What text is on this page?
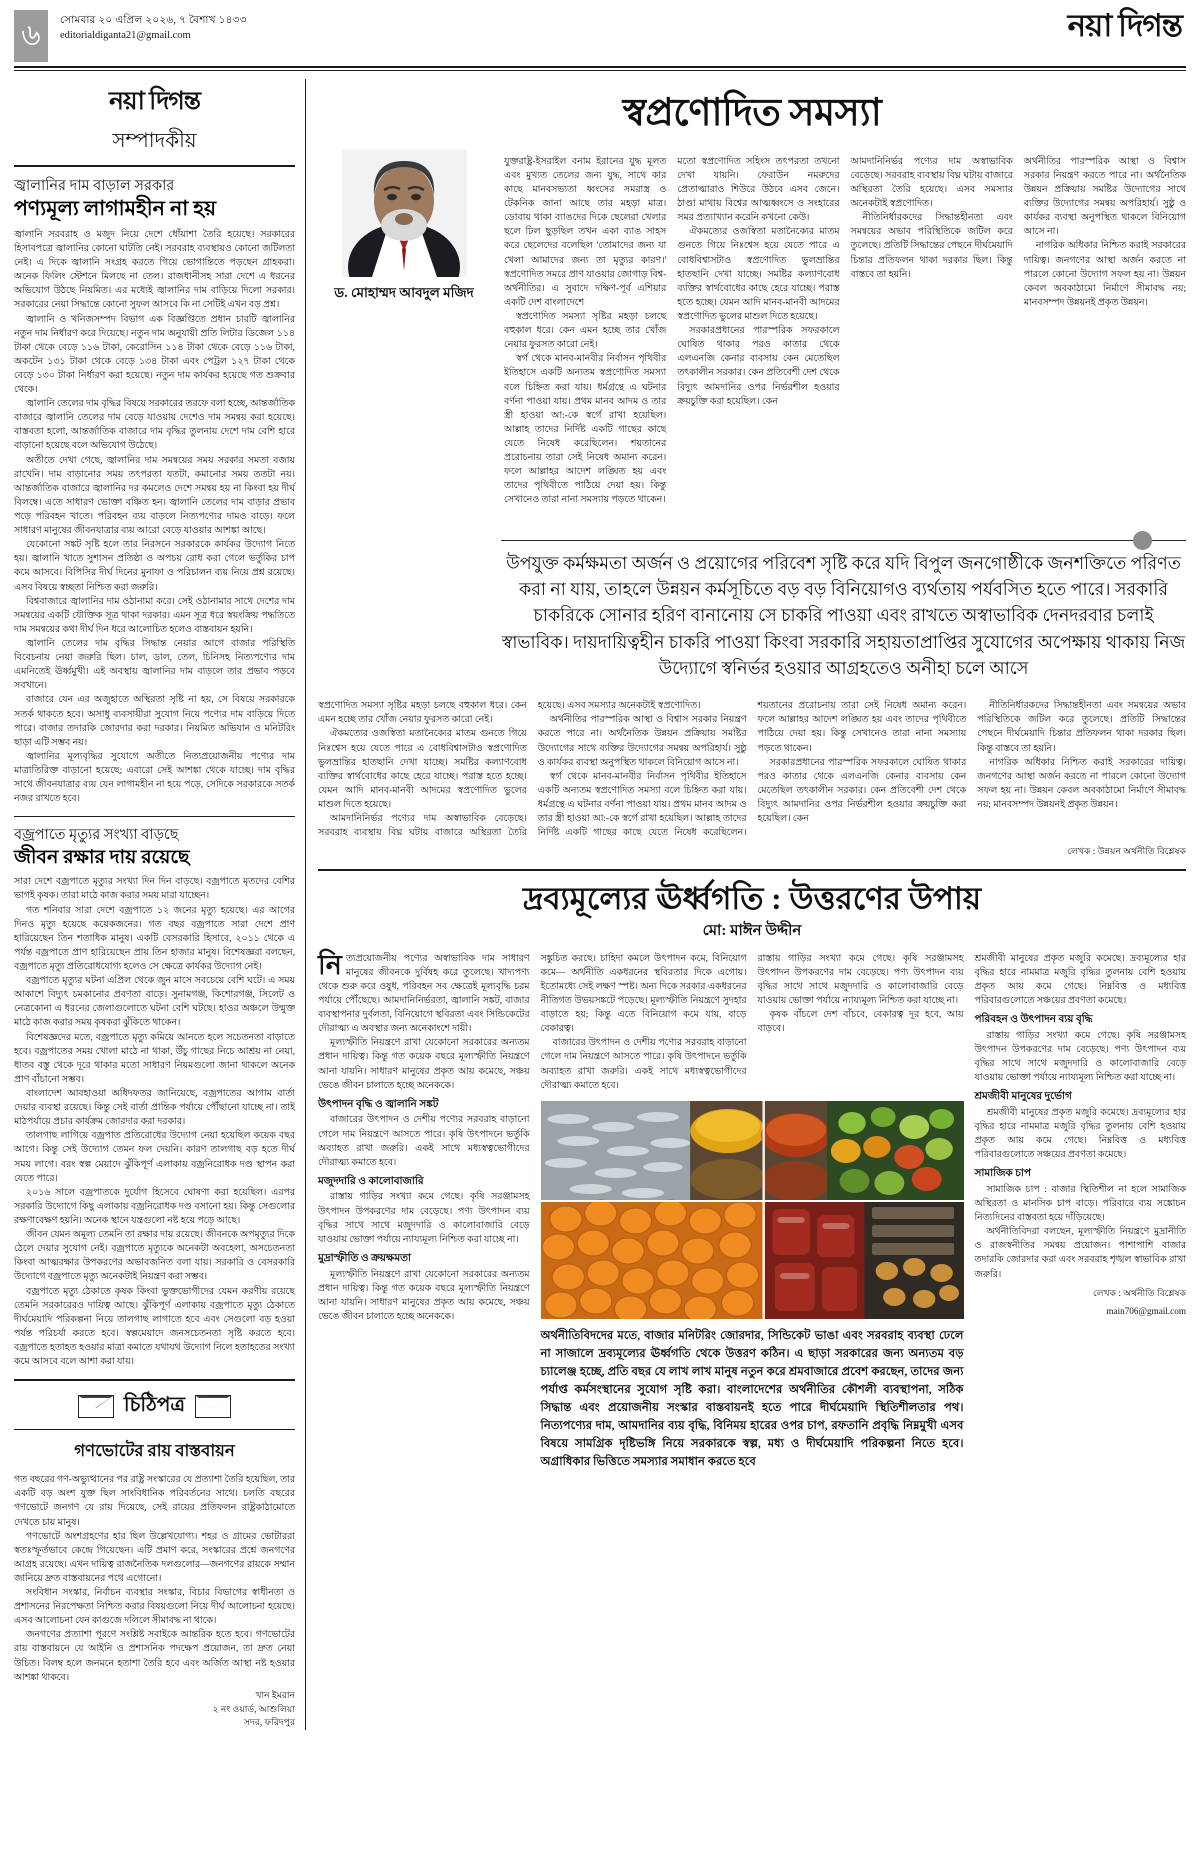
৬ সোমবার ২০ এপ্রিল ২০২৬, ৭ বৈশাখ ১৪৩৩
editorialdiganta21@gmail.com	নয়া দিগন্ত
নয়া দিগন্ত
সম্পাদকীয়
জ্বালানির দাম বাড়াল সরকার
পণ্যমূল্য লাগামহীন না হয়

জ্বালানি সরবরাহ ও মজুদ নিয়ে দেশে ধোঁয়াশা তৈরি হয়েছে। সরকারের হিসাবপত্রে জ্বালানির কোনো ঘাটতি নেই। সরবরাহ ব্যবস্থায়ও কোনো জটিলতা নেই। এ দিকে জ্বালানি সংগ্রহ করতে গিয়ে ভোগান্তিতে পড়ছেন গ্রাহকরা। অনেক ফিলিং স্টেশনে মিলছে না তেল। রাজধানীসহ সারা দেশে এ ধরনের অভিযোগ উঠছে নিয়মিত। এর মধ্যেই জ্বালানির দাম বাড়িয়ে দিলো সরকার। সরকারের নেয়া সিদ্ধান্তে কোনো সুফল আসবে কি না সেটিই এখন বড় প্রশ্ন।

জ্বালানি ও খনিজসম্পদ বিভাগ এক বিজ্ঞপ্তিতে প্রধান চারটি জ্বালানির নতুন দাম নির্ধারণ করে দিয়েছে। নতুন দাম অনুযায়ী প্রতি লিটার ডিজেল ১১৪ টাকা থেকে বেড়ে ১১৬ টাকা, কেরোসিন ১১৪ টাকা থেকে বেড়ে ১১৬ টাকা, অকটেন ১৩১ টাকা থেকে বেড়ে ১৩৪ টাকা এবং পেট্রল ১২৭ টাকা থেকে বেড়ে ১৩০ টাকা নির্ধারণ করা হয়েছে। নতুন দাম কার্যকর হয়েছে গত শুক্রবার থেকে।

জ্বালানি তেলের দাম বৃদ্ধির বিষয়ে সরকারের তরফে বলা হচ্ছে, আন্তর্জাতিক বাজারে জ্বালানি তেলের দাম বেড়ে যাওয়ায় দেশেও দাম সমন্বয় করা হয়েছে। বাস্তবতা হলো, আন্তর্জাতিক বাজারে দাম বৃদ্ধির তুলনায় দেশে দাম বেশি হারে বাড়ানো হয়েছে বলে অভিযোগ উঠেছে।

অতীতে দেখা গেছে, জ্বালানির দাম সমন্বয়ের সময় সরকার সমতা বজায় রাখেনি। দাম বাড়ানোর সময় তৎপরতা যতটা, কমানোর সময় ততটা নয়। আন্তর্জাতিক বাজারে জ্বালানির দর কমলেও দেশে সমন্বয় হয় না কিংবা হয় দীর্ঘ বিলম্বে। এতে সাধারণ ভোক্তা বঞ্চিত হন। জ্বালানি তেলের দাম বাড়ার প্রভাব পড়ে পরিবহন খাতে। পরিবহন ব্যয় বাড়লে নিত্যপণ্যের দামও বাড়ে। ফলে সাধারণ মানুষের জীবনযাত্রার ব্যয় আরো বেড়ে যাওয়ার আশঙ্কা আছে।

যেকোনো সঙ্কট সৃষ্টি হলে তার নিরসনে সরকারকে কার্যকর উদ্যোগ নিতে হয়। জ্বালানি খাতে সুশাসন প্রতিষ্ঠা ও অপচয় রোধ করা গেলে ভর্তুকির চাপ কমে আসবে। বিপিসির দীর্ঘ দিনের মুনাফা ও পরিচালন ব্যয় নিয়ে প্রশ্ন রয়েছে। এসব বিষয়ে স্বচ্ছতা নিশ্চিত করা জরুরি।

বিশ্ববাজারে জ্বালানির দাম ওঠানামা করে। সেই ওঠানামার সাথে দেশের দাম সমন্বয়ের একটি যৌক্তিক সূত্র থাকা দরকার। এমন সূত্র ধরে স্বয়ংক্রিয় পদ্ধতিতে দাম সমন্বয়ের কথা দীর্ঘ দিন ধরে আলোচিত হলেও বাস্তবায়ন হয়নি।

জ্বালানি তেলের দাম বৃদ্ধির সিদ্ধান্ত নেয়ার আগে বাজার পরিস্থিতি বিবেচনায় নেয়া জরুরি ছিল। চাল, ডাল, তেল, চিনিসহ নিত্যপণ্যের দাম এমনিতেই ঊর্ধ্বমুখী। এই অবস্থায় জ্বালানির দাম বাড়লে তার প্রভাব পড়বে সবখানে।

বাজারে যেন এর অজুহাতে অস্থিরতা সৃষ্টি না হয়, সে বিষয়ে সরকারকে সতর্ক থাকতে হবে। অসাধু ব্যবসায়ীরা সুযোগ নিয়ে পণ্যের দাম বাড়িয়ে দিতে পারে। বাজার তদারকি জোরদার করা দরকার। নিয়মিত অভিযান ও মনিটরিং ছাড়া এটি সম্ভব নয়।

জ্বালানির মূল্যবৃদ্ধির সুযোগে অতীতে নিত্যপ্রয়োজনীয় পণ্যের দাম মাত্রাতিরিক্ত বাড়ানো হয়েছে; এবারো সেই আশঙ্কা থেকে যাচ্ছে। দাম বৃদ্ধির সাথে জীবনযাত্রার ব্যয় যেন লাগামহীন না হয়ে পড়ে, সেদিকে সরকারকে সতর্ক নজর রাখতে হবে।

বজ্রপাতে মৃত্যুর সংখ্যা বাড়ছে
জীবন রক্ষার দায় রয়েছে

সারা দেশে বজ্রপাতে মৃত্যুর সংখ্যা দিন দিন বাড়ছে। বজ্রপাতে মৃতদের বেশির ভাগই কৃষক। তারা মাঠে কাজ করার সময় মারা যাচ্ছেন।

গত শনিবার সারা দেশে বজ্রপাতে ১২ জনের মৃত্যু হয়েছে। এর আগের দিনও মৃত্যু হয়েছে কয়েকজনের। গত বছর বজ্রপাতে সারা দেশে প্রাণ হারিয়েছেন তিন শতাধিক মানুষ। একটি বেসরকারি হিসাবে, ২০১১ থেকে এ পর্যন্ত বজ্রপাতে প্রাণ হারিয়েছেন প্রায় তিন হাজার মানুষ। বিশেষজ্ঞরা বলছেন, বজ্রপাতে মৃত্যু প্রতিরোধযোগ্য হলেও সে ক্ষেত্রে কার্যকর উদ্যোগ নেই।

বজ্রপাতে মৃত্যুর ঘটনা এপ্রিল থেকে জুন মাসে সবচেয়ে বেশি ঘটে। এ সময় আকাশে বিদ্যুৎ চমকানোর প্রবণতা বাড়ে। সুনামগঞ্জ, কিশোরগঞ্জ, সিলেট ও নেত্রকোনা এ ধরনের জেলাগুলোতে ঘটনা বেশি ঘটছে। হাওর অঞ্চলে উন্মুক্ত মাঠে কাজ করার সময় কৃষকরা ঝুঁকিতে থাকেন।

বিশেষজ্ঞদের মতে, বজ্রপাতে মৃত্যু কমিয়ে আনতে হলে সচেতনতা বাড়াতে হবে। বজ্রপাতের সময় খোলা মাঠে না থাকা, উঁচু গাছের নিচে আশ্রয় না নেয়া, ধাতব বস্তু থেকে দূরে থাকার মতো সাধারণ নিয়মগুলো জানা থাকলে অনেক প্রাণ বাঁচানো সম্ভব।

বাংলাদেশ আবহাওয়া অধিদফতর জানিয়েছে, বজ্রপাতের আগাম বার্তা দেয়ার ব্যবস্থা রয়েছে। কিন্তু সেই বার্তা প্রান্তিক পর্যায়ে পৌঁছানো যাচ্ছে না। তাই মাঠপর্যায়ে প্রচার কার্যক্রম জোরদার করা দরকার।

তালগাছ লাগিয়ে বজ্রপাত প্রতিরোধের উদ্যোগ নেয়া হয়েছিল কয়েক বছর আগে। কিন্তু সেই উদ্যোগ তেমন ফল দেয়নি। কারণ তালগাছ বড় হতে দীর্ঘ সময় লাগে। বরং স্বল্প মেয়াদে ঝুঁকিপূর্ণ এলাকায় বজ্রনিরোধক দণ্ড স্থাপন করা যেতে পারে।

২০১৬ সালে বজ্রপাতকে দুর্যোগ হিসেবে ঘোষণা করা হয়েছিল। এরপর সরকারি উদ্যোগে কিছু এলাকায় বজ্রনিরোধক দণ্ড বসানো হয়। কিন্তু সেগুলোর রক্ষণাবেক্ষণ হয়নি। অনেক স্থানে যন্ত্রগুলো নষ্ট হয়ে পড়ে আছে।

জীবন যেমন অমূল্য তেমনি তা রক্ষার দায় রয়েছে। জীবনকে অপমৃত্যুর দিকে ঠেলে দেয়ার সুযোগ নেই। বজ্রপাতে মৃত্যুকে অনেকটা অবহেলা, অসচেতনতা কিংবা আত্মরক্ষার উপকরণের অভাবজনিত বলা যায়। সরকারি ও বেসরকারি উদ্যোগে বজ্রপাতে মৃত্যু অনেকটাই নিয়ন্ত্রণ করা সম্ভব।

বজ্রপাতে মৃত্যু ঠেকাতে কৃষক কিংবা ভুক্তভোগীদের যেমন করণীয় রয়েছে তেমনি সরকারেরও দায়িত্ব আছে। ঝুঁকিপূর্ণ এলাকায় বজ্রপাতে মৃত্যু ঠেকাতে দীর্ঘমেয়াদি পরিকল্পনা নিয়ে তালগাছ লাগাতে হবে এবং সেগুলো বড় হওয়া পর্যন্ত পরিচর্যা করতে হবে। স্বল্পমেয়াদে জনসচেতনতা সৃষ্টি করতে হবে। বজ্রপাতে হতাহত হওয়ার মাত্রা কমাতে যথাযথ উদ্যোগ নিলে হতাহতের সংখ্যা কমে আসবে বলে আশা করা যায়।

চিঠিপত্র
গণভোটের রায় বাস্তবায়ন

গত বছরের গণ-অভ্যুত্থানের পর রাষ্ট্র সংস্কারের যে প্রত্যাশা তৈরি হয়েছিল, তার একটি বড় অংশ যুক্ত ছিল সাংবিধানিক পরিবর্তনের সাথে। চলতি বছরের গণভোটে জনগণ যে রায় দিয়েছে, সেই রায়ের প্রতিফলন রাষ্ট্রকাঠামোতে দেখতে চায় মানুষ।

গণভোটে অংশগ্রহণের হার ছিল উল্লেখযোগ্য। শহর ও গ্রামের ভোটাররা স্বতঃস্ফূর্তভাবে কেন্দ্রে গিয়েছেন। এটি প্রমাণ করে, সংস্কারের প্রশ্নে জনগণের আগ্রহ রয়েছে। এখন দায়িত্ব রাজনৈতিক দলগুলোর—জনগণের রায়কে সম্মান জানিয়ে দ্রুত বাস্তবায়নের পথে এগোনো।

সংবিধান সংস্কার, নির্বাচন ব্যবস্থার সংস্কার, বিচার বিভাগের স্বাধীনতা ও প্রশাসনের নিরপেক্ষতা নিশ্চিত করার বিষয়গুলো নিয়ে দীর্ঘ আলোচনা হয়েছে। এসব আলোচনা যেন কাগুজে দলিলে সীমাবদ্ধ না থাকে।

জনগণের প্রত্যাশা পূরণে সংশ্লিষ্ট সবাইকে আন্তরিক হতে হবে। গণভোটের রায় বাস্তবায়নে যে আইনি ও প্রশাসনিক পদক্ষেপ প্রয়োজন, তা দ্রুত নেয়া উচিত। বিলম্ব হলে জনমনে হতাশা তৈরি হবে এবং অর্জিত আস্থা নষ্ট হওয়ার আশঙ্কা থাকবে।

খান ইমরান
২ নং ওয়ার্ড, আশুলিয়া
সদর, ফরিদপুর
স্বপ্রণোদিত সমস্যা
ড. মোহাম্মদ আবদুল মজিদ

যুক্তরাষ্ট্র-ইসরাইল বনাম ইরানের যুদ্ধ মূলত এবং মুখ্যত তেলের জন্য যুদ্ধ, সাথে কার কাছে মানবসভ্যতা ধ্বংসের সমরাস্ত্র ও টেকনিক জানা আছে তার মহড়া মাত্র। ডোবায় থাকা ব্যাঙদের দিকে ছেলেরা খেলার ছলে ঢিল ছুড়ছিল তখন একা ব্যাঙ সাহস করে ছেলেদের বলেছিল 'তোমাদের জন্য যা খেলা আমাদের জন্য তা মৃত্যুর কারণ।' স্বপ্রণোদিত সমরে প্রাণ যাওয়ার জোগাড় বিশ্ব-অর্থনীতির। এ সুবাদে দক্ষিণ-পূর্ব এশিয়ার একটি দেশ বাংলাদেশে

স্বপ্রণোদিত সমস্যা সৃষ্টির মহড়া চলছে বহুকাল ধরে। কেন এমন হচ্ছে তার খোঁজ নেয়ার ফুরসত কারো নেই।

স্বর্গ থেকে মানব-মানবীর নির্বাসন পৃথিবীর ইতিহাসে একটি অন্যতম স্বপ্রণোদিত সমস্যা বলে চিহ্নিত করা যায়। ধর্মগ্রন্থে এ ঘটনার বর্ণনা পাওয়া যায়। প্রথম মানব আদম ও তার স্ত্রী হাওয়া আ:-কে স্বর্গে রাখা হয়েছিল। আল্লাহ তাদের নির্দিষ্ট একটি গাছের কাছে যেতে নিষেধ করেছিলেন। শয়তানের প্ররোচনায় তারা সেই নিষেধ অমান্য করেন। ফলে আল্লাহর আদেশ লঙ্ঘিত হয় এবং তাদের পৃথিবীতে পাঠিয়ে দেয়া হয়। কিন্তু সেখানেও তারা নানা সমস্যায় পড়তে থাকেন।

মতো স্বপ্রণোদিত সহিংস তৎপরতা তখনো দেখা যায়নি। ফেরাউন নমরুদের প্রেতাত্মারাও শিউরে উঠবে এসব জেনে। ঠাণ্ডা মাথায় বিশ্বের আত্মধ্বংসে ও সংহারের সমর প্রত্যাখ্যান করেনি কখনো কেউ।

ঐকমত্যের ওজস্বিতা মতানৈক্যের মাতম গুনতে গিয়ে নিঃশ্বেস হয়ে যেতে পারে এ বোধবিশ্বাসটাও স্বপ্রণোদিত ভুলভ্রান্তির হাতছানি দেখা যাচ্ছে। সমষ্টির কল্যাণবোধ ব্যক্তির স্বার্থবোধের কাছে হেরে যাচ্ছে। পরাস্ত হতে হচ্ছে। যেমন আদি মানব-মানবী আদমের স্বপ্রণোদিত ভুলের মাশুল দিতে হয়েছে।

সরকারপ্রধানের পারস্পরিক সফরকালে ঘোষিত থাকার পরও কাতার থেকে এলএনজি কেনার ব্যবসায় কেন মেতেছিল তৎকালীন সরকার। কেন প্রতিবেশী দেশ থেকে বিদ্যুৎ আমদানির ওপর নির্ভরশীল হওয়ার ক্রয়চুক্তি করা হয়েছিল। কেন

আমদানিনির্ভর পণ্যের দাম অস্বাভাবিক বেড়েছে। সরবরাহ ব্যবস্থায় বিঘ্ন ঘটায় বাজারে অস্থিরতা তৈরি হয়েছে। এসব সমস্যার অনেকটাই স্বপ্রণোদিত।

নীতিনির্ধারকদের সিদ্ধান্তহীনতা এবং সমন্বয়ের অভাব পরিস্থিতিকে জটিল করে তুলেছে। প্রতিটি সিদ্ধান্তের পেছনে দীর্ঘমেয়াদি চিন্তার প্রতিফলন থাকা দরকার ছিল। কিন্তু বাস্তবে তা হয়নি।

অর্থনীতির পারস্পরিক আস্থা ও বিশ্বাস সরকার নিয়ন্ত্রণ করতে পারে না। অর্থনৈতিক উন্নয়ন প্রক্রিয়ায় সমষ্টির উদ্যোগের সাথে ব্যক্তির উদ্যোগের সমন্বয় অপরিহার্য। সুষ্ঠু ও কার্যকর ব্যবস্থা অনুপস্থিত থাকলে বিনিয়োগ আসে না।

নাগরিক অধিকার নিশ্চিত করাই সরকারের দায়িত্ব। জনগণের আস্থা অর্জন করতে না পারলে কোনো উদ্যোগ সফল হয় না। উন্নয়ন কেবল অবকাঠামো নির্মাণে সীমাবদ্ধ নয়; মানবসম্পদ উন্নয়নই প্রকৃত উন্নয়ন।

উপযুক্ত কর্মক্ষমতা অর্জন ও প্রয়োগের পরিবেশ সৃষ্টি করে যদি বিপুল জনগোষ্ঠীকে জনশক্তিতে পরিণত করা না যায়, তাহলে উন্নয়ন কর্মসূচিতে বড় বড় বিনিয়োগও ব্যর্থতায় পর্যবসিত হতে পারে। সরকারি চাকরিকে সোনার হরিণ বানানোয় সে চাকরি পাওয়া এবং রাখতে অস্বাভাবিক দেনদরবার চলাই স্বাভাবিক। দায়দায়িত্বহীন চাকরি পাওয়া কিংবা সরকারি সহায়তাপ্রাপ্তির সুযোগের অপেক্ষায় থাকায় নিজ উদ্যোগে স্বনির্ভর হওয়ার আগ্রহতেও অনীহা চলে আসে

স্বপ্রণোদিত সমস্যা সৃষ্টির মহড়া চলছে বহুকাল ধরে। কেন এমন হচ্ছে তার খোঁজ নেয়ার ফুরসত কারো নেই।

ঐকমত্যের ওজস্বিতা মতানৈক্যের মাতম গুনতে গিয়ে নিঃশ্বেস হয়ে যেতে পারে এ বোধবিশ্বাসটাও স্বপ্রণোদিত ভুলভ্রান্তির হাতছানি দেখা যাচ্ছে। সমষ্টির কল্যাণবোধ ব্যক্তির স্বার্থবোধের কাছে হেরে যাচ্ছে। পরাস্ত হতে হচ্ছে। যেমন আদি মানব-মানবী আদমের স্বপ্রণোদিত ভুলের মাশুল দিতে হয়েছে।

আমদানিনির্ভর পণ্যের দাম অস্বাভাবিক বেড়েছে। সরবরাহ ব্যবস্থায় বিঘ্ন ঘটায় বাজারে অস্থিরতা তৈরি হয়েছে। এসব সমস্যার অনেকটাই স্বপ্রণোদিত।

অর্থনীতির পারস্পরিক আস্থা ও বিশ্বাস সরকার নিয়ন্ত্রণ করতে পারে না। অর্থনৈতিক উন্নয়ন প্রক্রিয়ায় সমষ্টির উদ্যোগের সাথে ব্যক্তির উদ্যোগের সমন্বয় অপরিহার্য। সুষ্ঠু ও কার্যকর ব্যবস্থা অনুপস্থিত থাকলে বিনিয়োগ আসে না।

স্বর্গ থেকে মানব-মানবীর নির্বাসন পৃথিবীর ইতিহাসে একটি অন্যতম স্বপ্রণোদিত সমস্যা বলে চিহ্নিত করা যায়। ধর্মগ্রন্থে এ ঘটনার বর্ণনা পাওয়া যায়। প্রথম মানব আদম ও তার স্ত্রী হাওয়া আ:-কে স্বর্গে রাখা হয়েছিল। আল্লাহ তাদের নির্দিষ্ট একটি গাছের কাছে যেতে নিষেধ করেছিলেন। শয়তানের প্ররোচনায় তারা সেই নিষেধ অমান্য করেন। ফলে আল্লাহর আদেশ লঙ্ঘিত হয় এবং তাদের পৃথিবীতে পাঠিয়ে দেয়া হয়। কিন্তু সেখানেও তারা নানা সমস্যায় পড়তে থাকেন।

সরকারপ্রধানের পারস্পরিক সফরকালে ঘোষিত থাকার পরও কাতার থেকে এলএনজি কেনার ব্যবসায় কেন মেতেছিল তৎকালীন সরকার। কেন প্রতিবেশী দেশ থেকে বিদ্যুৎ আমদানির ওপর নির্ভরশীল হওয়ার ক্রয়চুক্তি করা হয়েছিল। কেন

নীতিনির্ধারকদের সিদ্ধান্তহীনতা এবং সমন্বয়ের অভাব পরিস্থিতিকে জটিল করে তুলেছে। প্রতিটি সিদ্ধান্তের পেছনে দীর্ঘমেয়াদি চিন্তার প্রতিফলন থাকা দরকার ছিল। কিন্তু বাস্তবে তা হয়নি।

নাগরিক অধিকার নিশ্চিত করাই সরকারের দায়িত্ব। জনগণের আস্থা অর্জন করতে না পারলে কোনো উদ্যোগ সফল হয় না। উন্নয়ন কেবল অবকাঠামো নির্মাণে সীমাবদ্ধ নয়; মানবসম্পদ উন্নয়নই প্রকৃত উন্নয়ন।

লেখক : উন্নয়ন অর্থনীতি বিশ্লেষক
দ্রব্যমূল্যের ঊর্ধ্বগতি : উত্তরণের উপায়
মো: মাঈন উদ্দীন
নি ত্যপ্রয়োজনীয় পণ্যের অস্বাভাবিক দাম সাধারণ মানুষের জীবনকে দুর্বিষহ করে তুলেছে। খাদ্যপণ্য থেকে শুরু করে ওষুধ, পরিবহন সব ক্ষেত্রেই মূল্যবৃদ্ধি চরম পর্যায়ে পৌঁছেছে। আমদানিনির্ভরতা, জ্বালানি সঙ্কট, বাজার ব্যবস্থাপনার দুর্বলতা, বিনিয়োগে স্থবিরতা এবং সিন্ডিকেটের দৌরাত্ম্য এ অবস্থার জন্য অনেকাংশে দায়ী।

মূল্যস্ফীতি নিয়ন্ত্রণে রাখা যেকোনো সরকারের অন্যতম প্রধান দায়িত্ব। কিন্তু গত কয়েক বছরে মূল্যস্ফীতি নিয়ন্ত্রণে আনা যায়নি। সাধারণ মানুষের প্রকৃত আয় কমেছে, সঞ্চয় ভেঙে জীবন চালাতে হচ্ছে অনেককে।

উৎপাদন বৃদ্ধি ও জ্বালানি সঙ্কট

বাজারের উৎপাদন ও দেশীয় পণ্যের সরবরাহ বাড়ানো গেলে দাম নিয়ন্ত্রণে আসতে পারে। কৃষি উৎপাদনে ভর্তুকি অব্যাহত রাখা জরুরি। একই সাথে মধ্যস্বত্বভোগীদের দৌরাত্ম্য কমাতে হবে।

মজুদদারি ও কালোবাজারি

রাস্তায় গাড়ির সংখ্যা কমে গেছে। কৃষি সরঞ্জামসহ উৎপাদন উপকরণের দাম বেড়েছে। পণ্য উৎপাদন ব্যয় বৃদ্ধির সাথে সাথে মজুদদারি ও কালোবাজারি বেড়ে যাওয়ায় ভোক্তা পর্যায়ে ন্যায্যমূল্য নিশ্চিত করা যাচ্ছে না।

মুদ্রাস্ফীতি ও ক্রয়ক্ষমতা

মূল্যস্ফীতি নিয়ন্ত্রণে রাখা যেকোনো সরকারের অন্যতম প্রধান দায়িত্ব। কিন্তু গত কয়েক বছরে মূল্যস্ফীতি নিয়ন্ত্রণে আনা যায়নি। সাধারণ মানুষের প্রকৃত আয় কমেছে, সঞ্চয় ভেঙে জীবন চালাতে হচ্ছে অনেককে।

সঙ্কুচিত করছে। চাহিদা কমলে উৎপাদন কমে, বিনিয়োগ কমে— অর্থনীতি একধরনের স্থবিরতার দিকে এগোয়। ইতোমধ্যে সেই লক্ষণ স্পষ্ট। অন্য দিকে সরকার একধরনের নীতিগত উভয়সঙ্কটে পড়েছে। মূল্যস্ফীতি নিয়ন্ত্রণে সুদহার বাড়াতে হয়; কিন্তু এতে বিনিয়োগ কমে যায়, বাড়ে বেকারত্ব।

বাজারের উৎপাদন ও দেশীয় পণ্যের সরবরাহ বাড়ানো গেলে দাম নিয়ন্ত্রণে আসতে পারে। কৃষি উৎপাদনে ভর্তুকি অব্যাহত রাখা জরুরি। একই সাথে মধ্যস্বত্বভোগীদের দৌরাত্ম্য কমাতে হবে।

রাস্তায় গাড়ির সংখ্যা কমে গেছে। কৃষি সরঞ্জামসহ উৎপাদন উপকরণের দাম বেড়েছে। পণ্য উৎপাদন ব্যয় বৃদ্ধির সাথে সাথে মজুদদারি ও কালোবাজারি বেড়ে যাওয়ায় ভোক্তা পর্যায়ে ন্যায্যমূল্য নিশ্চিত করা যাচ্ছে না।

কৃষক বাঁচলে দেশ বাঁচবে, বেকারত্ব দূর হবে, আয় বাড়বে।

অর্থনীতিবিদদের মতে, বাজার মনিটরিং জোরদার, সিন্ডিকেট ভাঙা এবং সরবরাহ ব্যবস্থা ঢেলে না সাজালে দ্রব্যমূল্যের ঊর্ধ্বগতি থেকে উত্তরণ কঠিন। এ ছাড়া সরকারের জন্য অন্যতম বড় চ্যালেঞ্জ হচ্ছে, প্রতি বছর যে লাখ লাখ মানুষ নতুন করে শ্রমবাজারে প্রবেশ করছেন, তাদের জন্য পর্যাপ্ত কর্মসংস্থানের সুযোগ সৃষ্টি করা। বাংলাদেশের অর্থনীতির কৌশলী ব্যবস্থাপনা, সঠিক সিদ্ধান্ত এবং প্রয়োজনীয় সংস্কার বাস্তবায়নই হতে পারে দীর্ঘমেয়াদি স্থিতিশীলতার পথ। নিত্যপণ্যের দাম, আমদানির ব্যয় বৃদ্ধি, বিনিময় হারের ওপর চাপ, রফতানি প্রবৃদ্ধি নিম্নমুখী এসব বিষয়ে সামগ্রিক দৃষ্টিভঙ্গি নিয়ে সরকারকে স্বল্প, মধ্য ও দীর্ঘমেয়াদি পরিকল্পনা নিতে হবে। অগ্রাধিকার ভিত্তিতে সমস্যার সমাধান করতে হবে

শ্রমজীবী মানুষের প্রকৃত মজুরি কমেছে। দ্রব্যমূল্যের হার বৃদ্ধির হারে নামমাত্র মজুরি বৃদ্ধির তুলনায় বেশি হওয়ায় প্রকৃত আয় কমে গেছে। নিম্নবিত্ত ও মধ্যবিত্ত পরিবারগুলোতে সঞ্চয়ের প্রবণতা কমেছে।

পরিবহন ও উৎপাদন ব্যয় বৃদ্ধি

রাস্তায় গাড়ির সংখ্যা কমে গেছে। কৃষি সরঞ্জামসহ উৎপাদন উপকরণের দাম বেড়েছে। পণ্য উৎপাদন ব্যয় বৃদ্ধির সাথে সাথে মজুদদারি ও কালোবাজারি বেড়ে যাওয়ায় ভোক্তা পর্যায়ে ন্যায্যমূল্য নিশ্চিত করা যাচ্ছে না।

শ্রমজীবী মানুষের দুর্ভোগ

শ্রমজীবী মানুষের প্রকৃত মজুরি কমেছে। দ্রব্যমূল্যের হার বৃদ্ধির হারে নামমাত্র মজুরি বৃদ্ধির তুলনায় বেশি হওয়ায় প্রকৃত আয় কমে গেছে। নিম্নবিত্ত ও মধ্যবিত্ত পরিবারগুলোতে সঞ্চয়ের প্রবণতা কমেছে।

সামাজিক চাপ

সামাজিক চাপ : বাজার স্থিতিশীল না হলে সামাজিক অস্থিরতা ও মানসিক চাপ বাড়ে। পরিবারে ব্যয় সঙ্কোচন নিত্যদিনের বাস্তবতা হয়ে দাঁড়িয়েছে।

অর্থনীতিবিদরা বলছেন, মূল্যস্ফীতি নিয়ন্ত্রণে মুদ্রানীতি ও রাজস্বনীতির সমন্বয় প্রয়োজন। পাশাপাশি বাজার তদারকি জোরদার করা এবং সরবরাহ শৃঙ্খল স্বাভাবিক রাখা জরুরি।

লেখক : অর্থনীতি বিশ্লেষক
main706@gmail.com
